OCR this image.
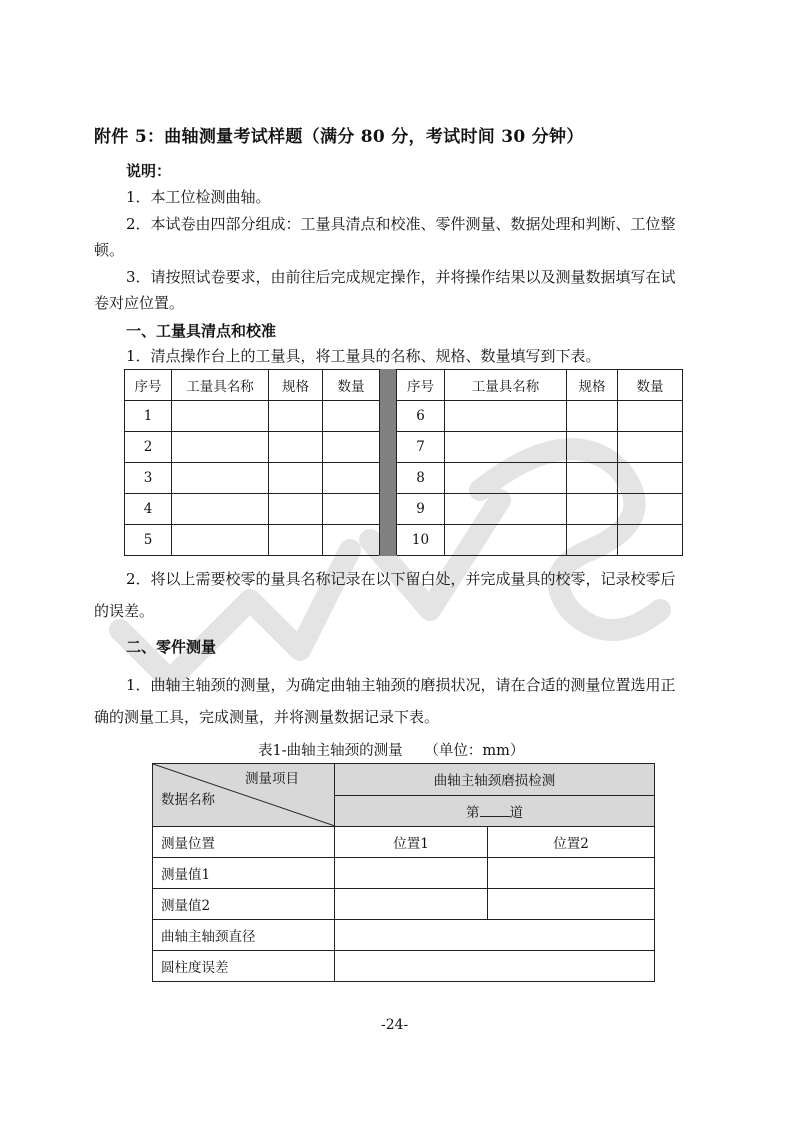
附件 5：曲轴测量考试样题（满分 80 分，考试时间 30 分钟）
说明：
1．本工位检测曲轴。
2．本试卷由四部分组成：工量具清点和校准、零件测量、数据处理和判断、工位整
顿。
3．请按照试卷要求，由前往后完成规定操作，并将操作结果以及测量数据填写在试
卷对应位置。
一、工量具清点和校准
1．清点操作台上的工量具，将工量具的名称、规格、数量填写到下表。
序号	工量具名称	规格	数量		序号	工量具名称	规格	数量
1					6			
2					7			
3					8			
4					9			
5					10			
2．将以上需要校零的量具名称记录在以下留白处，并完成量具的校零，记录校零后
的误差。
二、零件测量
1．曲轴主轴颈的测量，为确定曲轴主轴颈的磨损状况，请在合适的测量位置选用正
确的测量工具，完成测量，并将测量数据记录下表。
表1-曲轴主轴颈的测量　　（单位：mm）
测量项目
数据名称	曲轴主轴颈磨损检测	
	第 道	
测量位置	位置1	位置2
测量值1		
测量值2		
曲轴主轴颈直径		
圆柱度误差		
-24-
